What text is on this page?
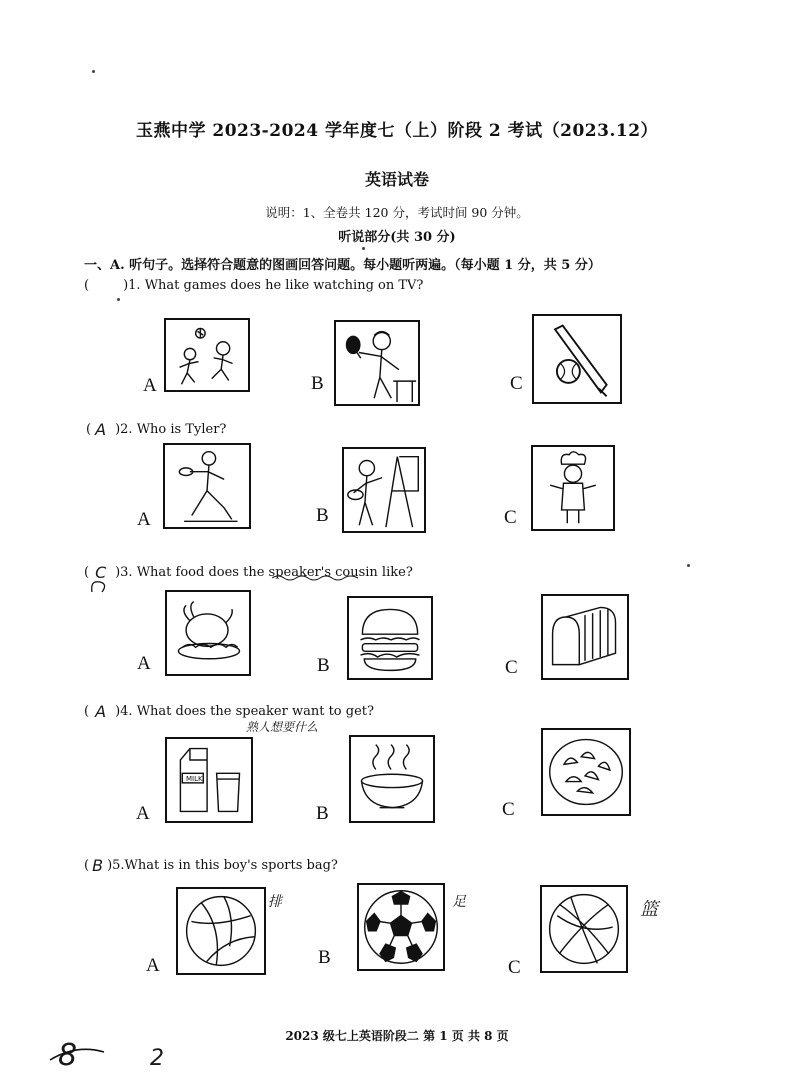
玉燕中学 2023-2024 学年度七（上）阶段 2 考试（2023.12）
英语试卷
说明：1、全卷共 120 分，考试时间 90 分钟。
听说部分(共 30 分)
一、A. 听句子。选择符合题意的图画回答问题。每小题听两遍。（每小题 1 分，共 5 分）
(	)1. What games does he like watching on TV?
A	B	C
( A )2. Who is Tyler?
A	B	C
( C )3. What food does the speaker's cousin like?
A	B	C
( A )4. What does the speaker want to get?
熟人想要什么
A
MILK
B	C
( B )5.What is in this boy's sports bag?
A
排
B
足
C
篮
2023 级七上英语阶段二 第 1 页 共 8 页
8	2
